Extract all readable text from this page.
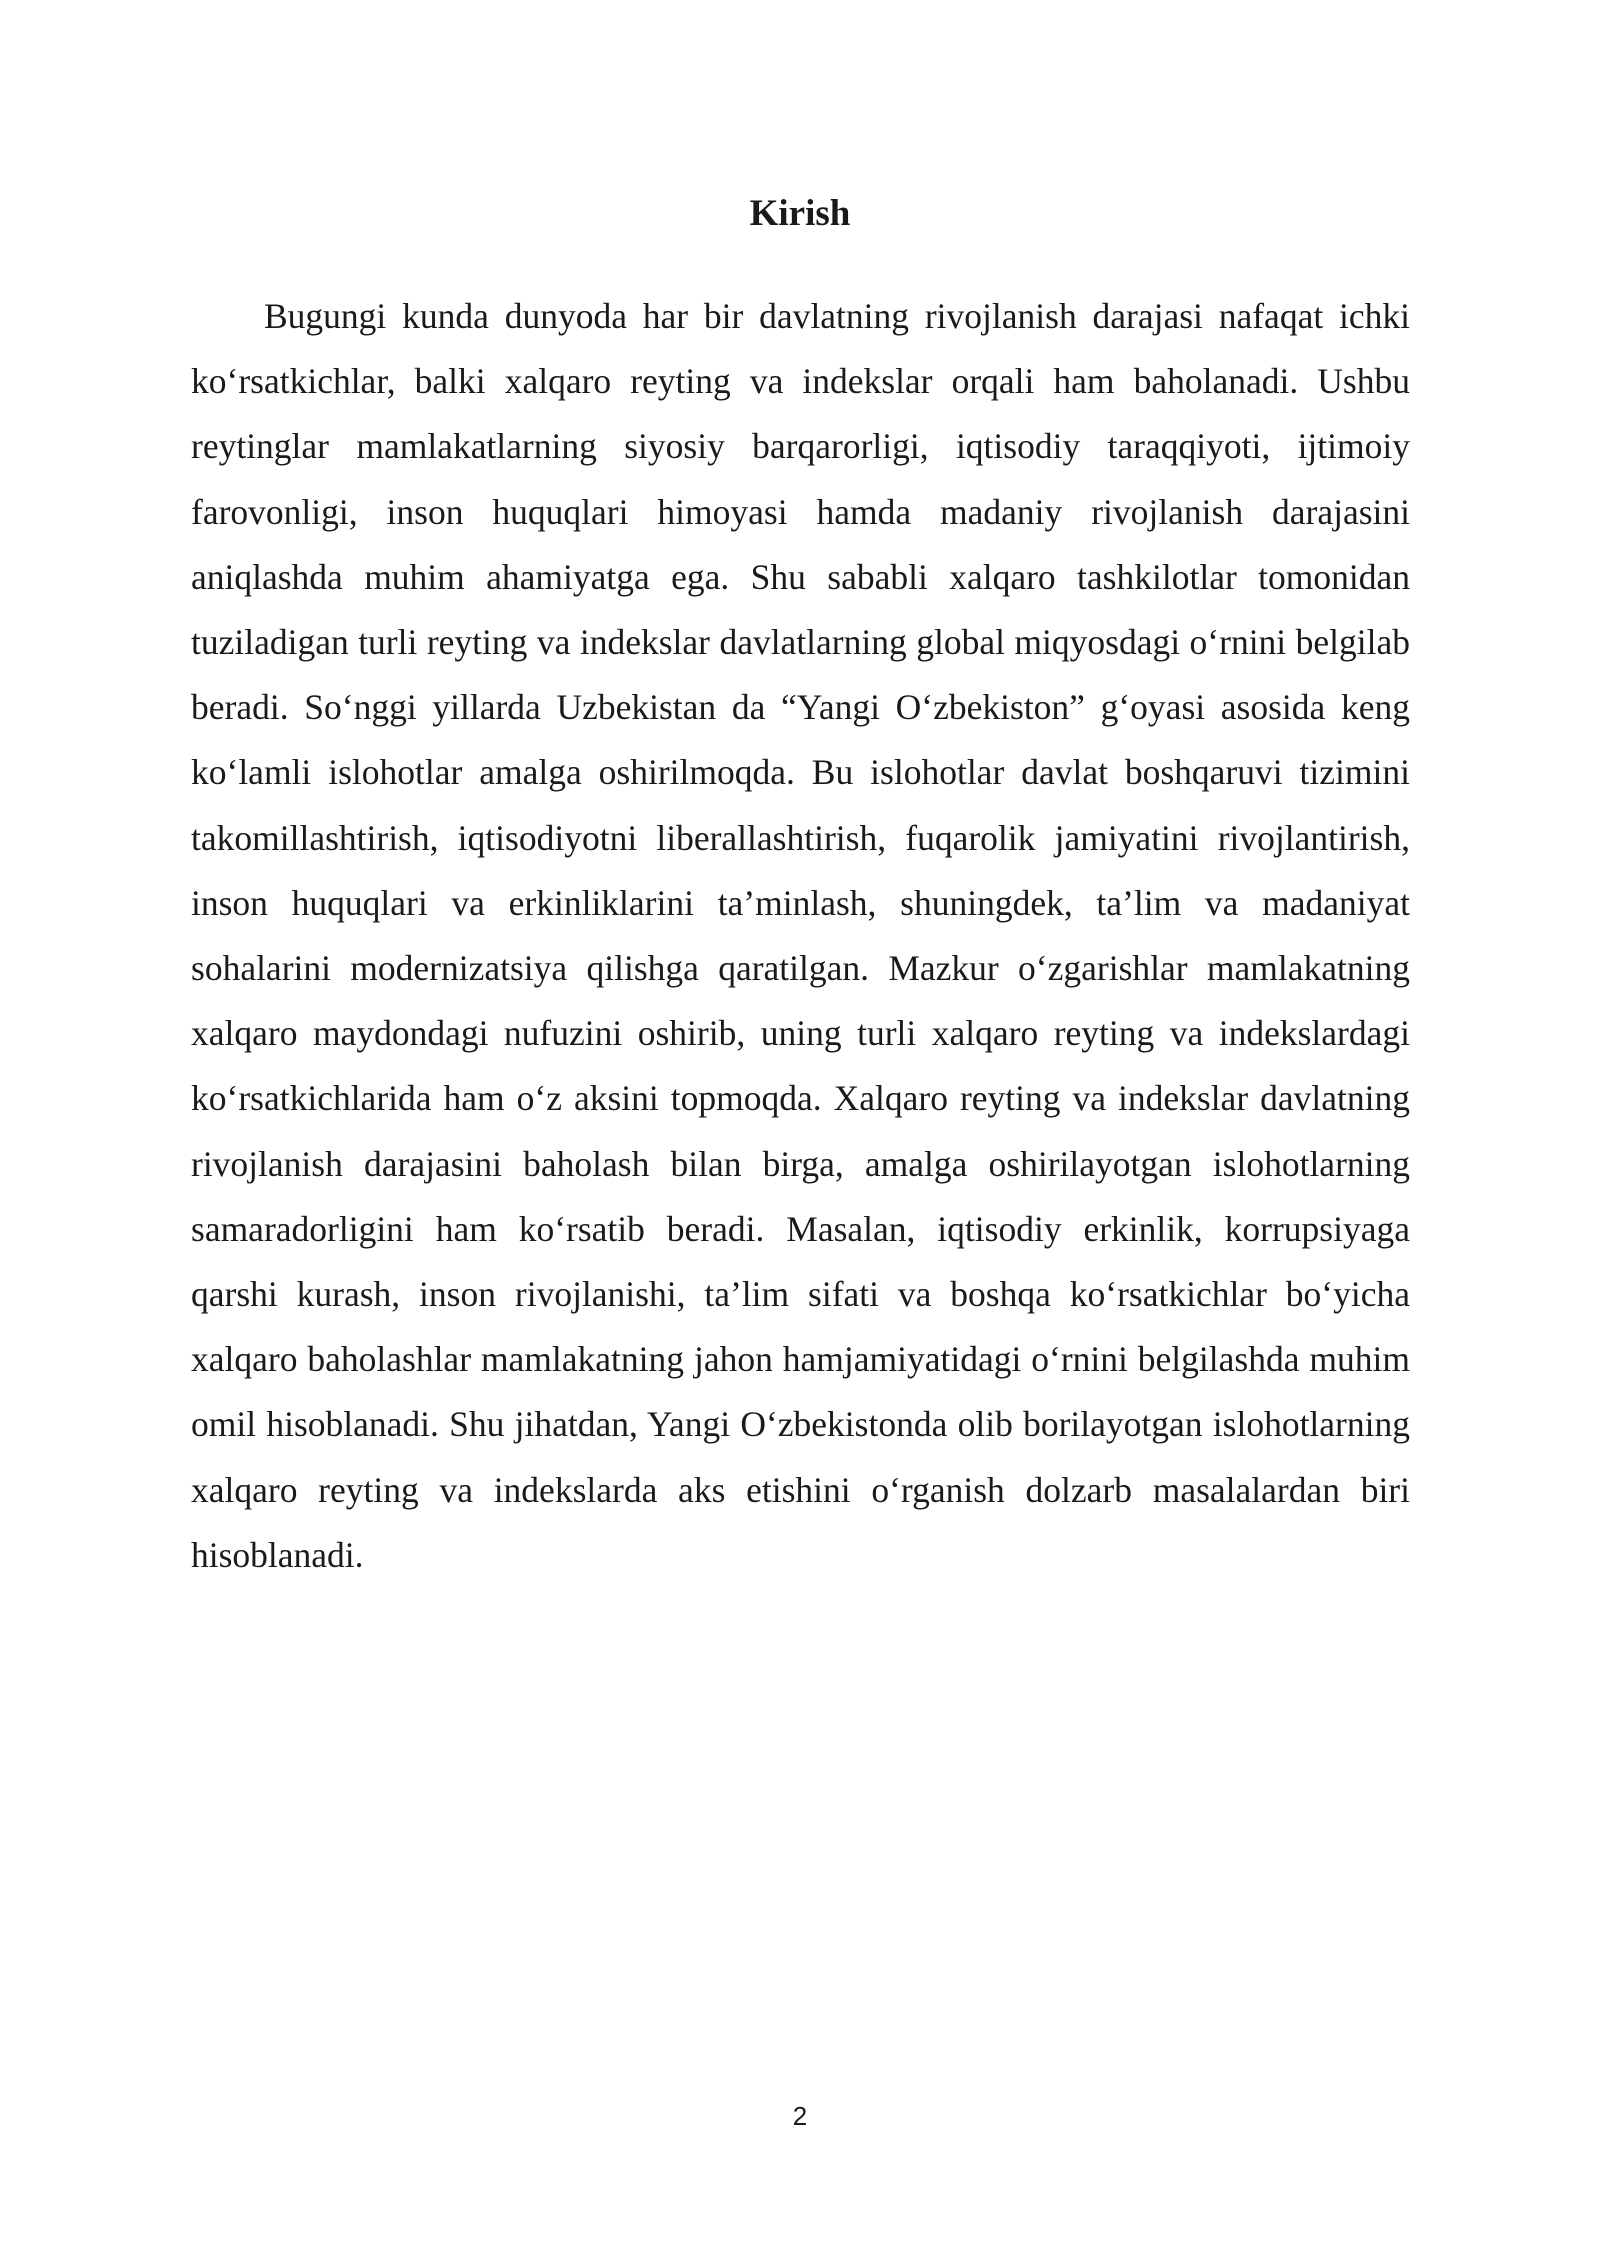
Kirish

Bugungi kunda dunyoda har bir davlatning rivojlanish darajasi nafaqat ichki ko‘rsatkichlar, balki xalqaro reyting va indekslar orqali ham baholanadi. Ushbu reytinglar mamlakatlarning siyosiy barqarorligi, iqtisodiy taraqqiyoti, ijtimoiy farovonligi, inson huquqlari himoyasi hamda madaniy rivojlanish darajasini aniqlashda muhim ahamiyatga ega. Shu sababli xalqaro tashkilotlar tomonidan tuziladigan turli reyting va indekslar davlatlarning global miqyosdagi o‘rnini belgilab beradi. So‘nggi yillarda Uzbekistan da “Yangi O‘zbekiston” g‘oyasi asosida keng ko‘lamli islohotlar amalga oshirilmoqda. Bu islohotlar davlat boshqaruvi tizimini takomillashtirish, iqtisodiyotni liberallashtirish, fuqarolik jamiyatini rivojlantirish, inson huquqlari va erkinliklarini ta’minlash, shuningdek, ta’lim va madaniyat sohalarini modernizatsiya qilishga qaratilgan. Mazkur o‘zgarishlar mamlakatning xalqaro maydondagi nufuzini oshirib, uning turli xalqaro reyting va indekslardagi ko‘rsatkichlarida ham o‘z aksini topmoqda. Xalqaro reyting va indekslar davlatning rivojlanish darajasini baholash bilan birga, amalga oshirilayotgan islohotlarning samaradorligini ham ko‘rsatib beradi. Masalan, iqtisodiy erkinlik, korrupsiyaga qarshi kurash, inson rivojlanishi, ta’lim sifati va boshqa ko‘rsatkichlar bo‘yicha xalqaro baholashlar mamlakatning jahon hamjamiyatidagi o‘rnini belgilashda muhim omil hisoblanadi. Shu jihatdan, Yangi O‘zbekistonda olib borilayotgan islohotlarning xalqaro reyting va indekslarda aks etishini o‘rganish dolzarb masalalardan biri hisoblanadi.

2
